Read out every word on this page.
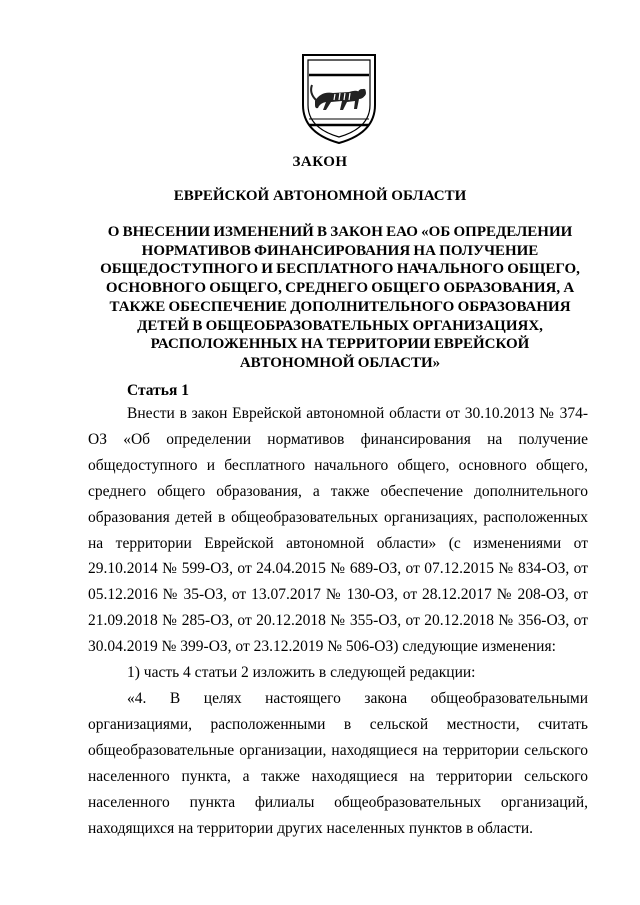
ЗАКОН
ЕВРЕЙСКОЙ АВТОНОМНОЙ ОБЛАСТИ
О ВНЕСЕНИИ ИЗМЕНЕНИЙ В ЗАКОН ЕАО «ОБ ОПРЕДЕЛЕНИИ НОРМАТИВОВ ФИНАНСИРОВАНИЯ НА ПОЛУЧЕНИЕ ОБЩЕДОСТУПНОГО И БЕСПЛАТНОГО НАЧАЛЬНОГО ОБЩЕГО, ОСНОВНОГО ОБЩЕГО, СРЕДНЕГО ОБЩЕГО ОБРАЗОВАНИЯ, А ТАКЖЕ ОБЕСПЕЧЕНИЕ ДОПОЛНИТЕЛЬНОГО ОБРАЗОВАНИЯ ДЕТЕЙ В ОБЩЕОБРАЗОВАТЕЛЬНЫХ ОРГАНИЗАЦИЯХ, РАСПОЛОЖЕННЫХ НА ТЕРРИТОРИИ ЕВРЕЙСКОЙ АВТОНОМНОЙ ОБЛАСТИ»
Статья 1

Внести в закон Еврейской автономной области от 30.10.2013 № 374-ОЗ «Об определении нормативов финансирования на получение общедоступного и бесплатного начального общего, основного общего, среднего общего образования, а также обеспечение дополнительного образования детей в общеобразовательных организациях, расположенных на территории Еврейской автономной области» (с изменениями от 29.10.2014 № 599-ОЗ, от 24.04.2015 № 689-ОЗ, от 07.12.2015 № 834-ОЗ, от 05.12.2016 № 35-ОЗ, от 13.07.2017 № 130-ОЗ, от 28.12.2017 № 208-ОЗ, от 21.09.2018 № 285-ОЗ, от 20.12.2018 № 355-ОЗ, от 20.12.2018 № 356-ОЗ, от 30.04.2019 № 399-ОЗ, от 23.12.2019 № 506-ОЗ) следующие изменения:

1) часть 4 статьи 2 изложить в следующей редакции:

«4. В целях настоящего закона общеобразовательными организациями, расположенными в сельской местности, считать общеобразовательные организации, находящиеся на территории сельского населенного пункта, а также находящиеся на территории сельского населенного пункта филиалы общеобразовательных организаций, находящихся на территории других населенных пунктов в области.
